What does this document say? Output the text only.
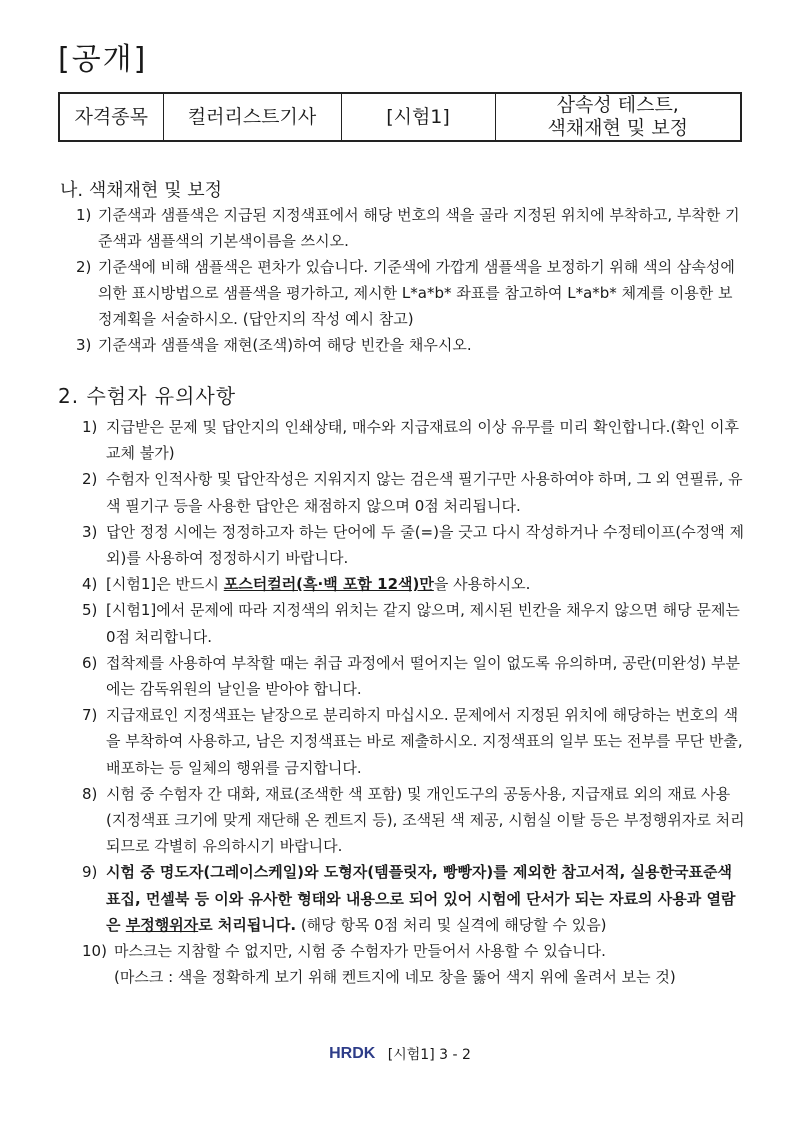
[공개]
자격종목	컬러리스트기사	[시험1]	삼속성 테스트,
색채재현 및 보정
나. 색채재현 및 보정
1) 기준색과 샘플색은 지급된 지정색표에서 해당 번호의 색을 골라 지정된 위치에 부착하고, 부착한 기준색과 샘플색의 기본색이름을 쓰시오.
2) 기준색에 비해 샘플색은 편차가 있습니다. 기준색에 가깝게 샘플색을 보정하기 위해 색의 삼속성에 의한 표시방법으로 샘플색을 평가하고, 제시한 L*a*b* 좌표를 참고하여 L*a*b* 체계를 이용한 보정계획을 서술하시오. (답안지의 작성 예시 참고)
3) 기준색과 샘플색을 재현(조색)하여 해당 빈칸을 채우시오.
2. 수험자 유의사항
1) 지급받은 문제 및 답안지의 인쇄상태, 매수와 지급재료의 이상 유무를 미리 확인합니다.(확인 이후 교체 불가)
2) 수험자 인적사항 및 답안작성은 지워지지 않는 검은색 필기구만 사용하여야 하며, 그 외 연필류, 유색 필기구 등을 사용한 답안은 채점하지 않으며 0점 처리됩니다.
3) 답안 정정 시에는 정정하고자 하는 단어에 두 줄(=)을 긋고 다시 작성하거나 수정테이프(수정액 제외)를 사용하여 정정하시기 바랍니다.
4) [시험1]은 반드시 포스터컬러(흑·백 포함 12색)만을 사용하시오.
5) [시험1]에서 문제에 따라 지정색의 위치는 같지 않으며, 제시된 빈칸을 채우지 않으면 해당 문제는 0점 처리합니다.
6) 접착제를 사용하여 부착할 때는 취급 과정에서 떨어지는 일이 없도록 유의하며, 공란(미완성) 부분에는 감독위원의 날인을 받아야 합니다.
7) 지급재료인 지정색표는 낱장으로 분리하지 마십시오. 문제에서 지정된 위치에 해당하는 번호의 색을 부착하여 사용하고, 남은 지정색표는 바로 제출하시오. 지정색표의 일부 또는 전부를 무단 반출, 배포하는 등 일체의 행위를 금지합니다.
8) 시험 중 수험자 간 대화, 재료(조색한 색 포함) 및 개인도구의 공동사용, 지급재료 외의 재료 사용(지정색표 크기에 맞게 재단해 온 켄트지 등), 조색된 색 제공, 시험실 이탈 등은 부정행위자로 처리되므로 각별히 유의하시기 바랍니다.
9) 시험 중 명도자(그레이스케일)와 도형자(템플릿자, 빵빵자)를 제외한 참고서적, 실용한국표준색표집, 먼셀북 등 이와 유사한 형태와 내용으로 되어 있어 시험에 단서가 되는 자료의 사용과 열람은 부정행위자로 처리됩니다. (해당 항목 0점 처리 및 실격에 해당할 수 있음)
10) 마스크는 지참할 수 없지만, 시험 중 수험자가 만들어서 사용할 수 있습니다.
(마스크 : 색을 정확하게 보기 위해 켄트지에 네모 창을 뚫어 색지 위에 올려서 보는 것)
HRDK [시험1] 3 - 2
